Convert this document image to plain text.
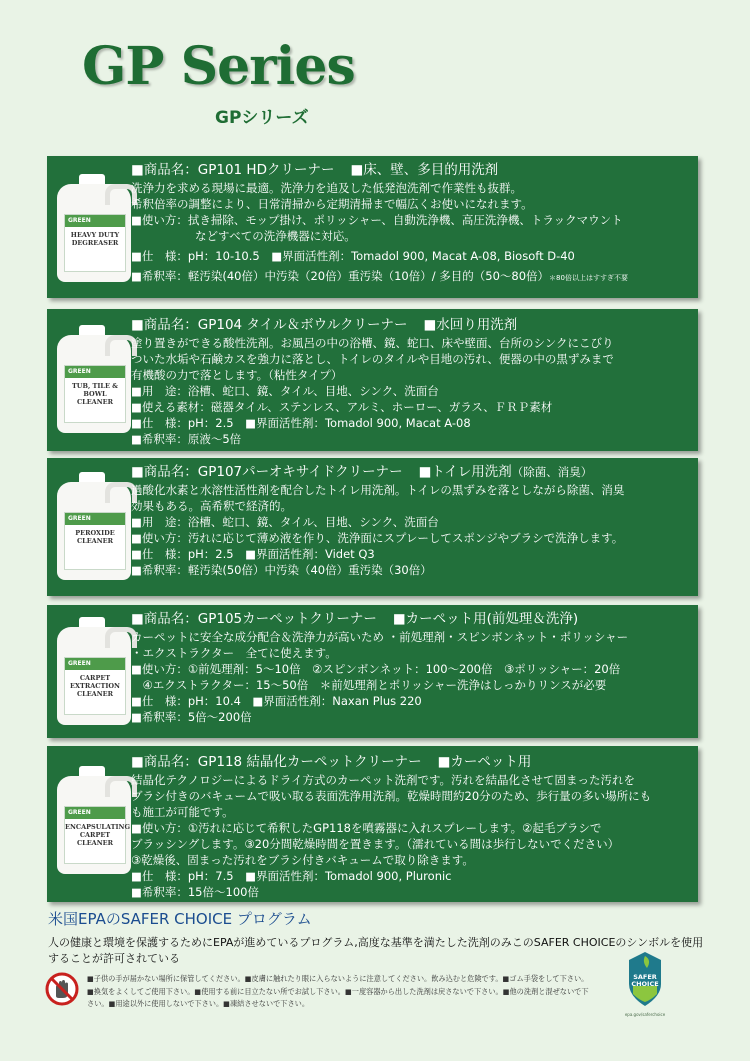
GP Series
GPシリーズ
GREEN
HEAVY DUTY DEGREASER
■商品名：GP101 HDクリーナー ■床、壁、多目的用洗剤
洗浄力を求める現場に最適。洗浄力を追及した低発泡洗剤で作業性も抜群。
希釈倍率の調整により、日常清掃から定期清掃まで幅広くお使いになれます。
■使い方：拭き掃除、モップ掛け、ポリッシャー、自動洗浄機、高圧洗浄機、トラックマウント
などすべての洗浄機器に対応。
■仕　様：pH：10-10.5　■界面活性剤：Tomadol 900, Macat A-08, Biosoft D-40
■希釈率：軽汚染(40倍）中汚染（20倍）重汚染（10倍）/ 多目的（50～80倍）＊80倍以上はすすぎ不要
GREEN
TUB, TILE & BOWL CLEANER
■商品名：GP104 タイル＆ボウルクリーナー ■水回り用洗剤
塗り置きができる酸性洗剤。お風呂の中の浴槽、鏡、蛇口、床や壁面、台所のシンクにこびり
ついた水垢や石鹸カスを強力に落とし、トイレのタイルや目地の汚れ、便器の中の黒ずみまで
有機酸の力で落とします。（粘性タイプ）
■用　途：浴槽、蛇口、鏡、タイル、目地、シンク、洗面台
■使える素材：磁器タイル、ステンレス、アルミ、ホーロー、ガラス、ＦＲＰ素材
■仕　様：pH：2.5　■界面活性剤：Tomadol 900, Macat A-08
■希釈率：原液～5倍
GREEN
PEROXIDE CLEANER
■商品名：GP107パーオキサイドクリーナー ■トイレ用洗剤（除菌、消臭）
過酸化水素と水溶性活性剤を配合したトイレ用洗剤。トイレの黒ずみを落としながら除菌、消臭
効果もある。高希釈で経済的。
■用　途：浴槽、蛇口、鏡、タイル、目地、シンク、洗面台
■使い方：汚れに応じて薄め液を作り、洗浄面にスプレーしてスポンジやブラシで洗浄します。
■仕　様：pH：2.5　■界面活性剤：Videt Q3
■希釈率：軽汚染(50倍）中汚染（40倍）重汚染（30倍）
GREEN
CARPET EXTRACTION CLEANER
■商品名：GP105カーペットクリーナー ■カーペット用(前処理＆洗浄)
カーペットに安全な成分配合＆洗浄力が高いため ・前処理剤・スピンボンネット・ポリッシャー
・エクストラクター　全てに使えます。
■使い方：①前処理剤：5～10倍　②スピンボンネット：100～200倍　③ポリッシャー：20倍
　④エクストラクター：15～50倍　＊前処理剤とポリッシャー洗浄はしっかりリンスが必要
■仕　様：pH：10.4　■界面活性剤：Naxan Plus 220
■希釈率：5倍～200倍
GREEN
ENCAPSULATING CARPET CLEANER
■商品名：GP118 結晶化カーペットクリーナー ■カーペット用
結晶化テクノロジーによるドライ方式のカーペット洗剤です。汚れを結晶化させて固まった汚れを
ブラシ付きのバキュームで吸い取る表面洗浄用洗剤。乾燥時間約20分のため、歩行量の多い場所にも
も施工が可能です。
■使い方：①汚れに応じて希釈したGP118を噴霧器に入れスプレーします。②起毛ブラシで
ブラッシングします。③20分間乾燥時間を置きます。（濡れている間は歩行しないでください）
③乾燥後、固まった汚れをブラシ付きバキュームで取り除きます。
■仕　様：pH：7.5　■界面活性剤：Tomadol 900, Pluronic
■希釈率：15倍～100倍
米国EPAのSAFER CHOICE プログラム

人の健康と環境を保護するためにEPAが進めているプログラム,高度な基準を満たした洗剤のみこのSAFER CHOICEのシンボルを使用することが許可されている

■子供の手が届かない場所に保管してください。■皮膚に触れたり眼に入らないように注意してください。飲み込むと危険です。■ゴム手袋をして下さい。
■換気をよくしてご使用下さい。■使用する前に目立たない所でお試し下さい。■一度容器から出した洗剤は戻さないで下さい。■他の洗剤と混ぜないで下
さい。■用途以外に使用しないで下さい。■凍結させないで下さい。
SAFER
CHOICE
epa.gov/saferchoice
